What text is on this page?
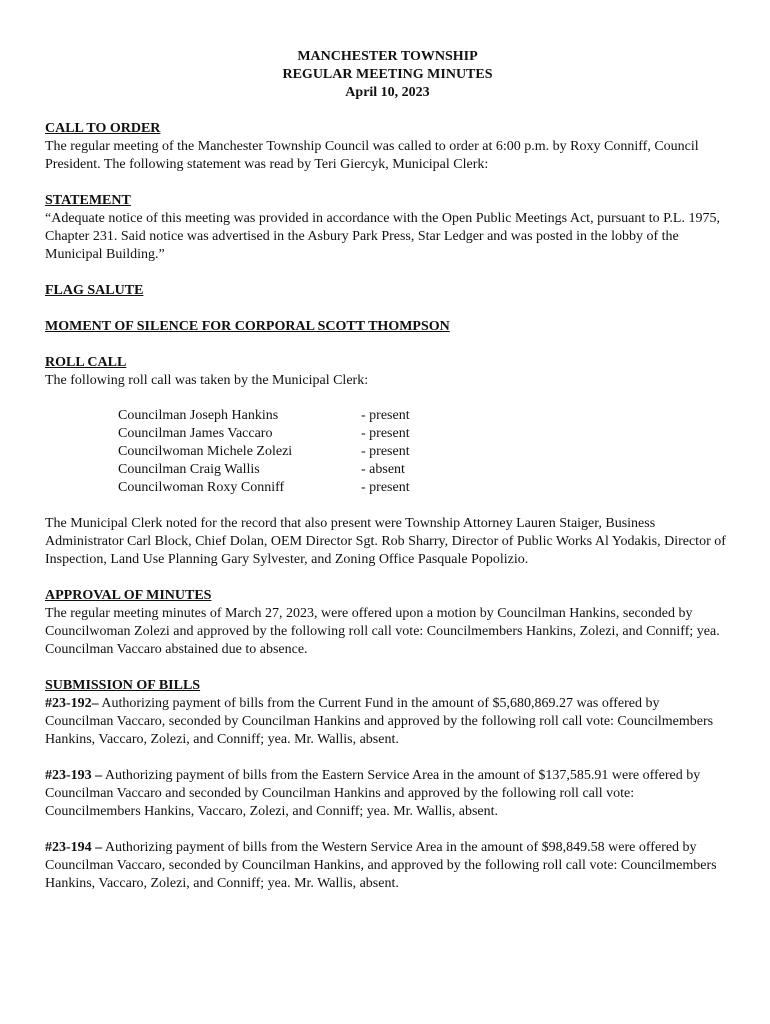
MANCHESTER TOWNSHIP
REGULAR MEETING MINUTES
April 10, 2023

CALL TO ORDER

The regular meeting of the Manchester Township Council was called to order at 6:00 p.m. by Roxy Conniff, Council President. The following statement was read by Teri Giercyk, Municipal Clerk:

STATEMENT

“Adequate notice of this meeting was provided in accordance with the Open Public Meetings Act, pursuant to P.L. 1975, Chapter 231. Said notice was advertised in the Asbury Park Press, Star Ledger and was posted in the lobby of the Municipal Building.”

FLAG SALUTE

MOMENT OF SILENCE FOR CORPORAL SCOTT THOMPSON

ROLL CALL

The following roll call was taken by the Municipal Clerk:

Councilman Joseph Hankins	- present
Councilman James Vaccaro	- present
Councilwoman Michele Zolezi	- present
Councilman Craig Wallis	- absent
Councilwoman Roxy Conniff	- present

The Municipal Clerk noted for the record that also present were Township Attorney Lauren Staiger, Business Administrator Carl Block, Chief Dolan, OEM Director Sgt. Rob Sharry, Director of Public Works Al Yodakis, Director of Inspection, Land Use Planning Gary Sylvester, and Zoning Office Pasquale Popolizio.

APPROVAL OF MINUTES

The regular meeting minutes of March 27, 2023, were offered upon a motion by Councilman Hankins, seconded by Councilwoman Zolezi and approved by the following roll call vote: Councilmembers Hankins, Zolezi, and Conniff; yea. Councilman Vaccaro abstained due to absence.

SUBMISSION OF BILLS

#23-192– Authorizing payment of bills from the Current Fund in the amount of $5,680,869.27 was offered by Councilman Vaccaro, seconded by Councilman Hankins and approved by the following roll call vote: Councilmembers Hankins, Vaccaro, Zolezi, and Conniff; yea. Mr. Wallis, absent.

#23-193 – Authorizing payment of bills from the Eastern Service Area in the amount of $137,585.91 were offered by Councilman Vaccaro and seconded by Councilman Hankins and approved by the following roll call vote: Councilmembers Hankins, Vaccaro, Zolezi, and Conniff; yea. Mr. Wallis, absent.

#23-194 – Authorizing payment of bills from the Western Service Area in the amount of $98,849.58 were offered by Councilman Vaccaro, seconded by Councilman Hankins, and approved by the following roll call vote: Councilmembers Hankins, Vaccaro, Zolezi, and Conniff; yea. Mr. Wallis, absent.
